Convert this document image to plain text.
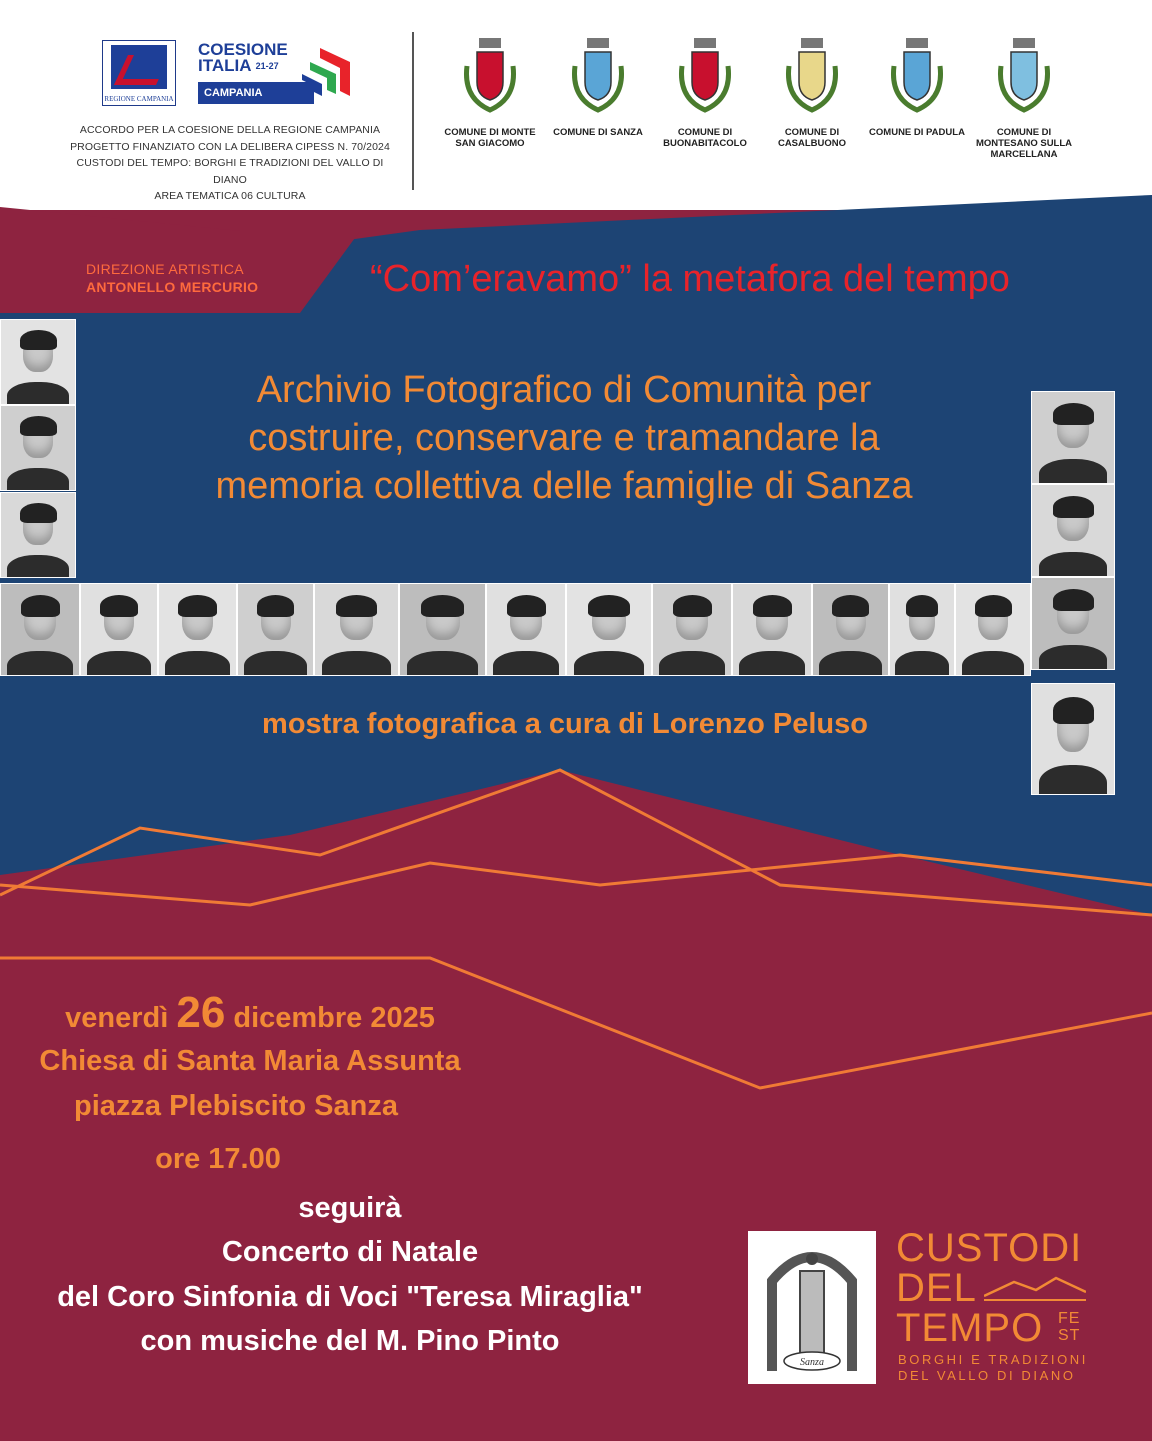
REGIONE CAMPANIA
COESIONE
ITALIA $^{21-27}$
CAMPANIA
ACCORDO PER LA COESIONE DELLA REGIONE CAMPANIA
PROGETTO FINANZIATO CON LA DELIBERA CIPESS N. 70/2024
CUSTODI DEL TEMPO: BORGHI E TRADIZIONI DEL VALLO DI DIANO
AREA TEMATICA 06 CULTURA
COMUNE DI MONTE SAN GIACOMO
COMUNE DI SANZA	COMUNE DI BUONABITACOLO
COMUNE DI CASALBUONO
COMUNE DI PADULA	COMUNE DI MONTESANO SULLA MARCELLANA
DIREZIONE ARTISTICA
ANTONELLO MERCURIO	“Com’eravamo” la metafora del tempo
Archivio Fotografico di Comunità per
costruire, conservare e tramandare la
memoria collettiva delle famiglie di Sanza
mostra fotografica a cura di Lorenzo Peluso
venerdì 26 dicembre 2025
Chiesa di Santa Maria Assunta
piazza Plebiscito Sanza
ore 17.00
seguirà
Concerto di Natale
del Coro Sinfonia di Voci "Teresa Miraglia"
con musiche del M. Pino Pinto
Sanza
CUSTODI
DEL
TEMPO FE
ST
BORGHI E TRADIZIONI
DEL VALLO DI DIANO
